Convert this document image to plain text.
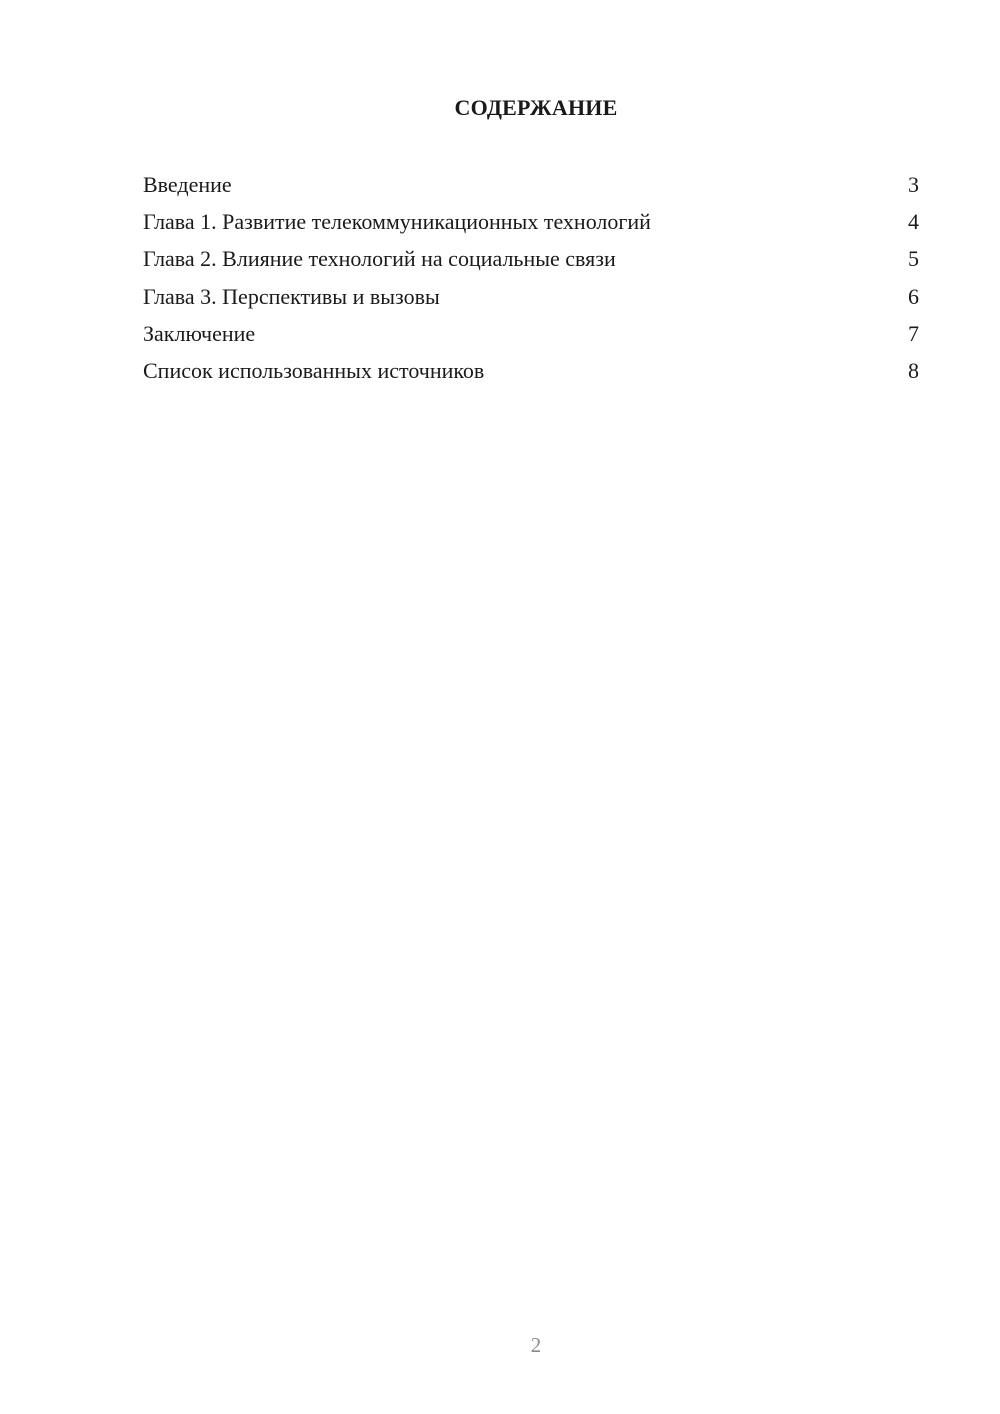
СОДЕРЖАНИЕ
Введение	3
Глава 1. Развитие телекоммуникационных технологий	4
Глава 2. Влияние технологий на социальные связи	5
Глава 3. Перспективы и вызовы	6
Заключение	7
Список использованных источников	8
2
